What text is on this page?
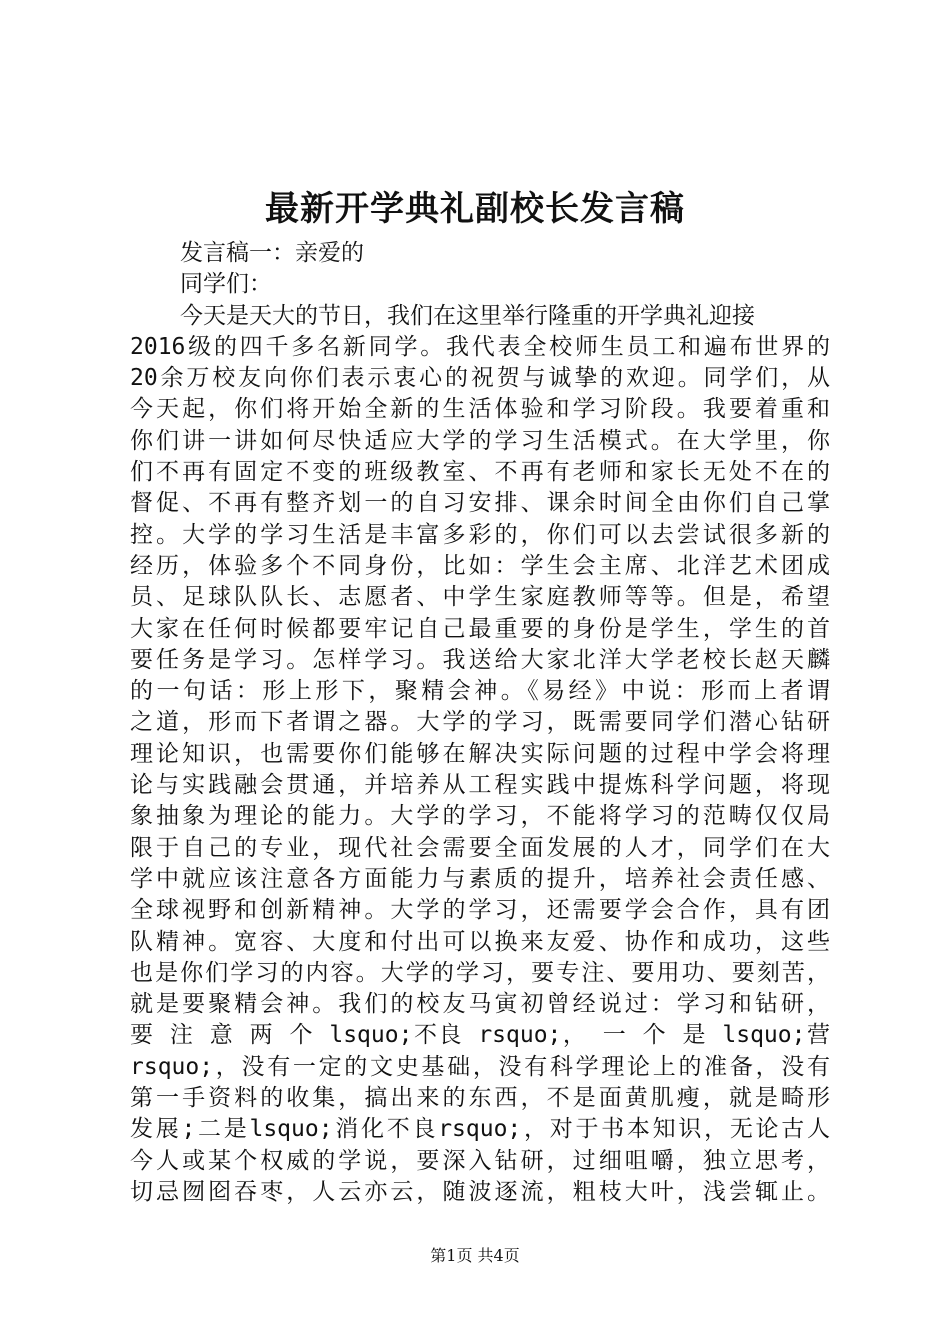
最新开学典礼副校长发言稿
发言稿一：亲爱的
同学们：
今天是天大的节日，我们在这里举行隆重的开学典礼迎接
2016级的四千多名新同学。我代表全校师生员工和遍布世界的
20余万校友向你们表示衷心的祝贺与诚挚的欢迎。同学们，从
今天起，你们将开始全新的生活体验和学习阶段。我要着重和
你们讲一讲如何尽快适应大学的学习生活模式。在大学里，你
们不再有固定不变的班级教室、不再有老师和家长无处不在的
督促、不再有整齐划一的自习安排、课余时间全由你们自己掌
控。大学的学习生活是丰富多彩的，你们可以去尝试很多新的
经历，体验多个不同身份，比如：学生会主席、北洋艺术团成
员、足球队队长、志愿者、中学生家庭教师等等。但是，希望
大家在任何时候都要牢记自己最重要的身份是学生，学生的首
要任务是学习。怎样学习。我送给大家北洋大学老校长赵天麟
的一句话：形上形下，聚精会神。《易经》中说：形而上者谓
之道，形而下者谓之器。大学的学习，既需要同学们潜心钻研
理论知识，也需要你们能够在解决实际问题的过程中学会将理
论与实践融会贯通，并培养从工程实践中提炼科学问题，将现
象抽象为理论的能力。大学的学习，不能将学习的范畴仅仅局
限于自己的专业，现代社会需要全面发展的人才，同学们在大
学中就应该注意各方面能力与素质的提升，培养社会责任感、
全球视野和创新精神。大学的学习，还需要学会合作，具有团
队精神。宽容、大度和付出可以换来友爱、协作和成功，这些
也是你们学习的内容。大学的学习，要专注、要用功、要刻苦，
就是要聚精会神。我们的校友马寅初曾经说过：学习和钻研，
要 注 意 两 个 lsquo;不良 rsquo;， 一 个 是 lsquo;营
rsquo;，没有一定的文史基础，没有科学理论上的准备，没有
第一手资料的收集，搞出来的东西，不是面黄肌瘦，就是畸形
发展;二是lsquo;消化不良rsquo;，对于书本知识，无论古人
今人或某个权威的学说，要深入钻研，过细咀嚼，独立思考，
切忌囫囵吞枣，人云亦云，随波逐流，粗枝大叶，浅尝辄止。
第1页 共4页
